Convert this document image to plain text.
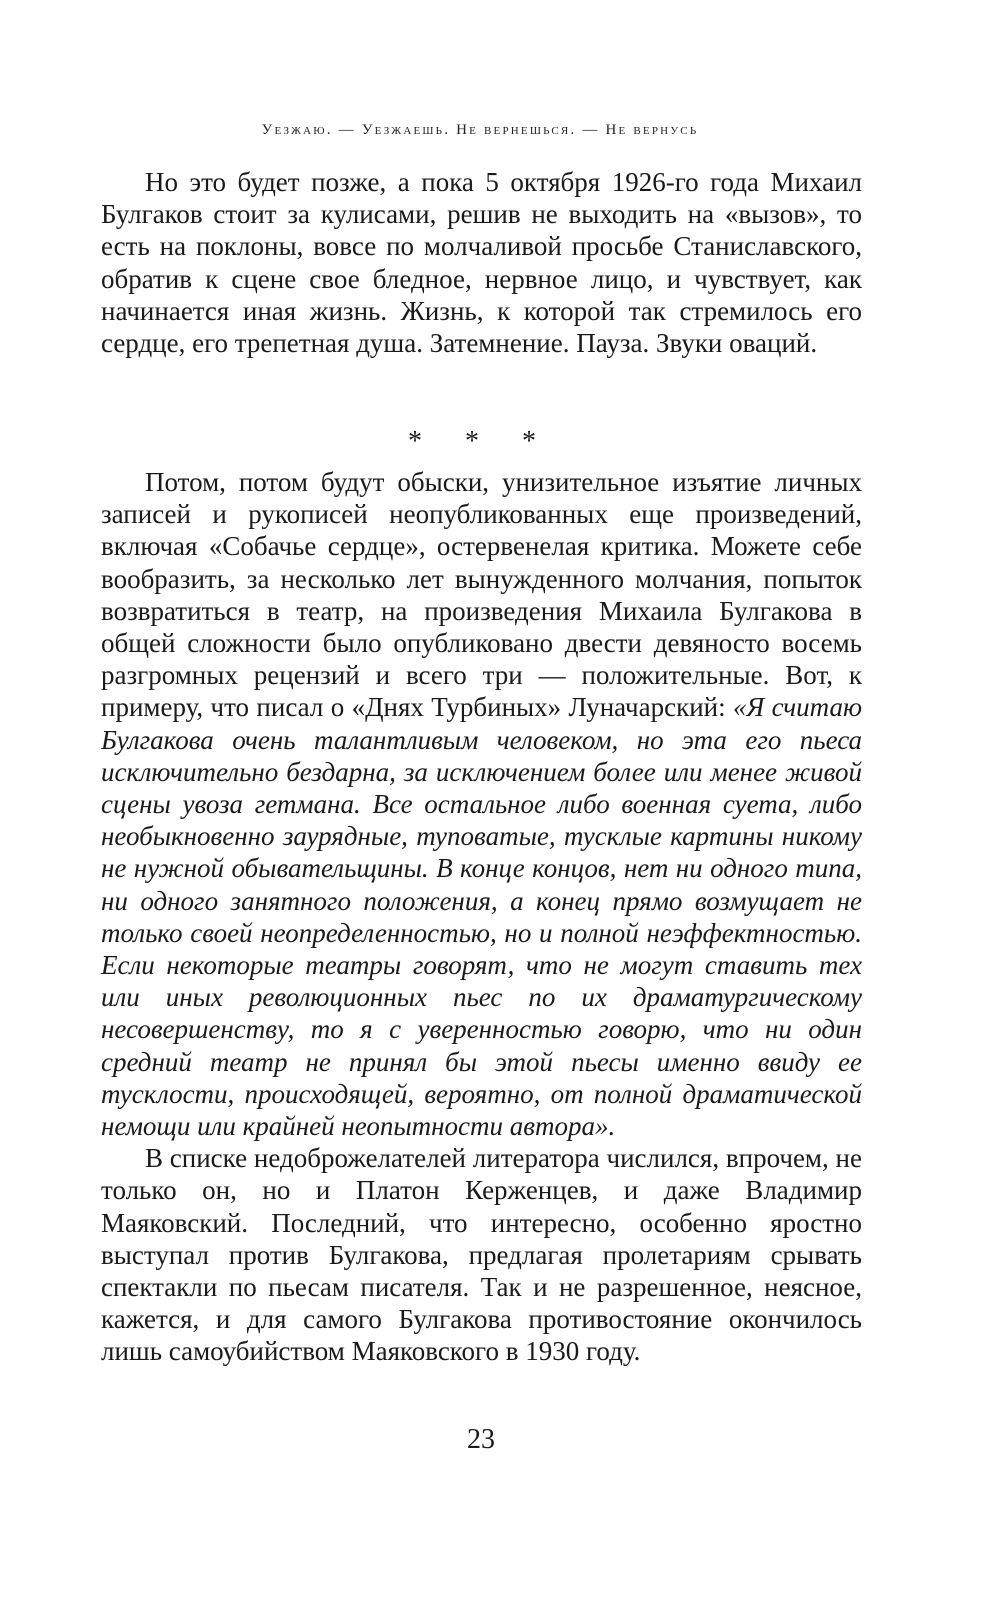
Уезжаю. — Уезжаешь. Не вернешься. — Не вернусь

Но это будет позже, а пока 5 октября 1926-го года Михаил Булгаков стоит за кулисами, решив не выходить на «вызов», то есть на поклоны, вовсе по молчаливой просьбе Станиславского, обратив к сцене свое бледное, нервное лицо, и чувствует, как начинается иная жизнь. Жизнь, к которой так стремилось его сердце, его трепетная душа. Затемнение. Пауза. Звуки оваций.

* * *

Потом, потом будут обыски, унизительное изъятие личных записей и рукописей неопубликованных еще произведений, включая «Собачье сердце», остервенелая критика. Можете себе вообразить, за несколько лет вынужденного молчания, попыток возвратиться в театр, на произведения Михаила Булгакова в общей сложности было опубликовано двести девяносто восемь разгромных рецензий и всего три — положительные. Вот, к примеру, что писал о «Днях Турбиных» Луначарский: «Я считаю Булгакова очень талантливым человеком, но эта его пьеса исключительно бездарна, за исключением более или менее живой сцены увоза гетмана. Все остальное либо военная суета, либо необыкновенно заурядные, туповатые, тусклые картины никому не нужной обывательщины. В конце концов, нет ни одного типа, ни одного занятного положения, а конец прямо возмущает не только своей неопределенностью, но и полной неэффектностью. Если некоторые театры говорят, что не могут ставить тех или иных революционных пьес по их драматургическому несовершенству, то я с уверенностью говорю, что ни один средний театр не принял бы этой пьесы именно ввиду ее тусклости, происходящей, вероятно, от полной драматической немощи или крайней неопытности автора».

В списке недоброжелателей литератора числился, впрочем, не только он, но и Платон Керженцев, и даже Владимир Маяковский. Последний, что интересно, особенно яростно выступал против Булгакова, предлагая пролетариям срывать спектакли по пьесам писателя. Так и не разрешенное, неясное, кажется, и для самого Булгакова противостояние окончилось лишь самоубийством Маяковского в 1930 году.

23
